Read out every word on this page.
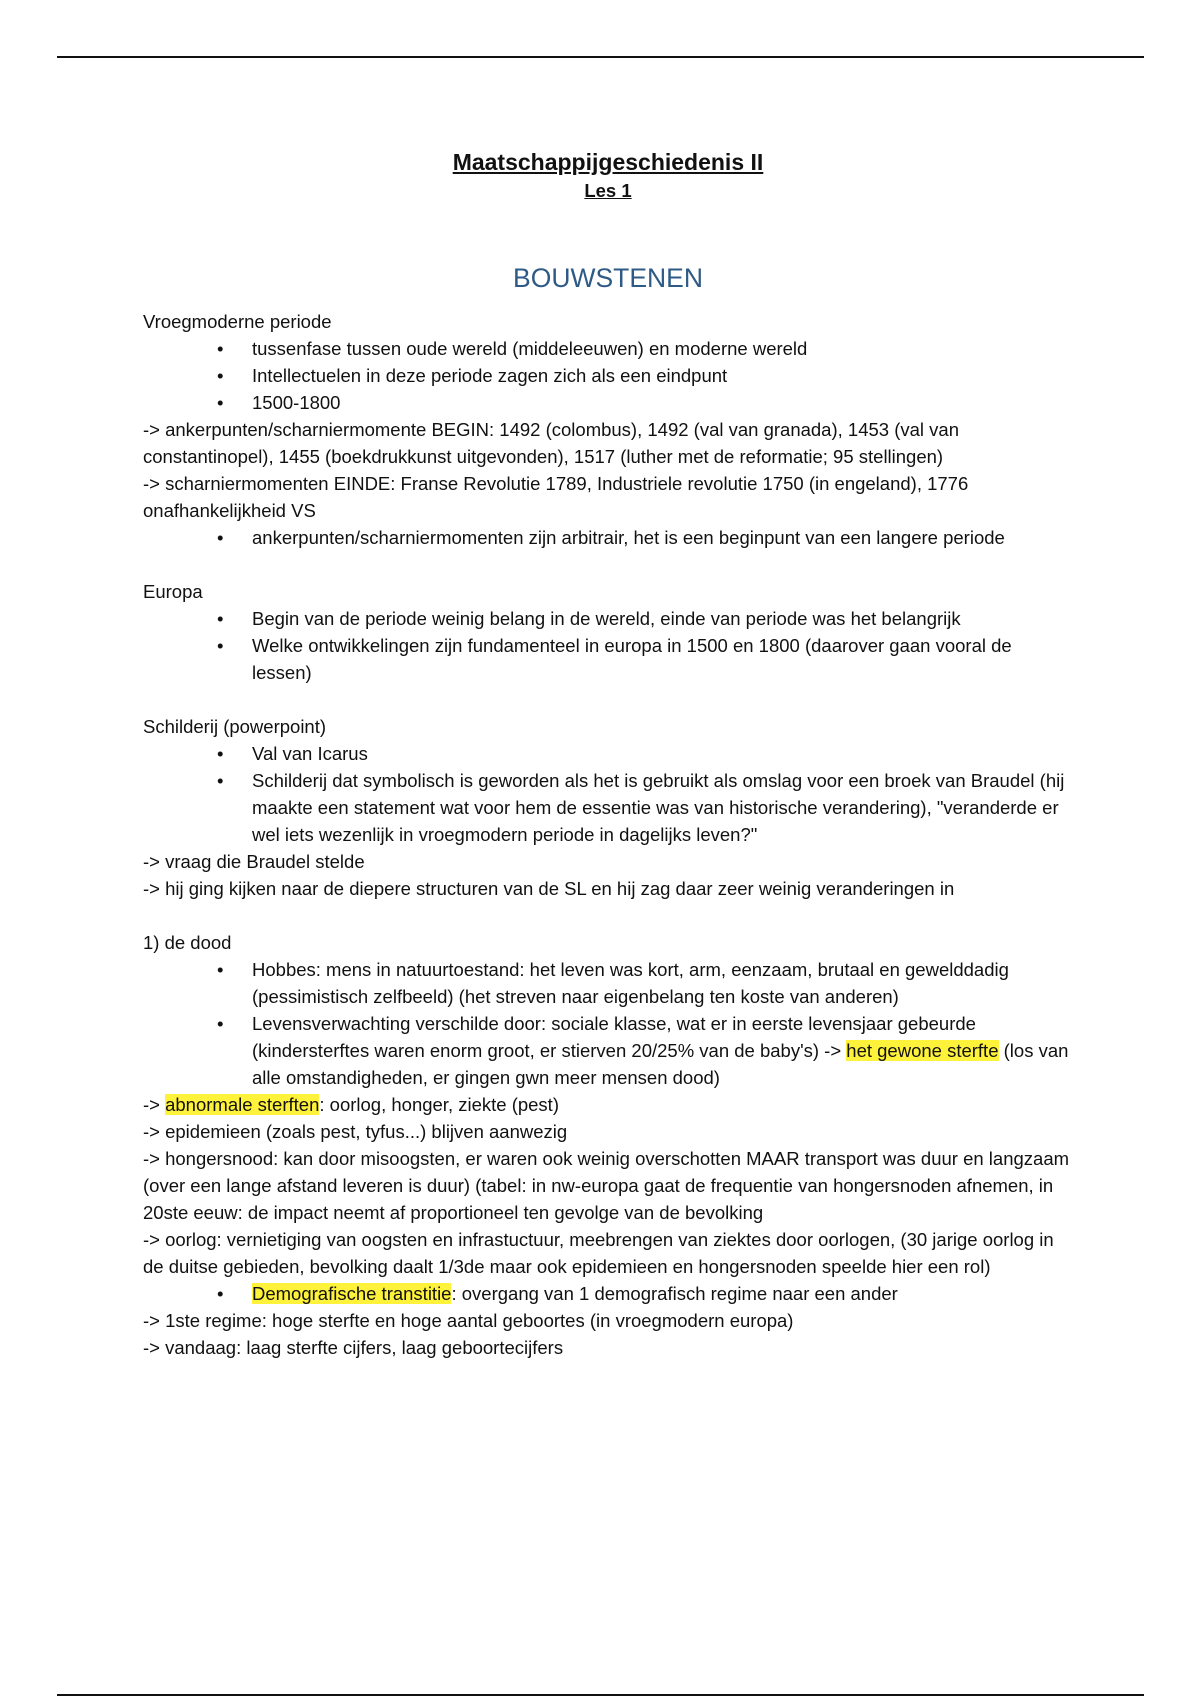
Maatschappijgeschiedenis II

Les 1

BOUWSTENEN

Vroegmoderne periode

• tussenfase tussen oude wereld (middeleeuwen) en moderne wereld
• Intellectuelen in deze periode zagen zich als een eindpunt
• 1500-1800

-> ankerpunten/scharniermomente BEGIN: 1492 (colombus), 1492 (val van granada), 1453 (val van constantinopel), 1455 (boekdrukkunst uitgevonden), 1517 (luther met de reformatie; 95 stellingen)

-> scharniermomenten EINDE: Franse Revolutie 1789, Industriele revolutie 1750 (in engeland), 1776 onafhankelijkheid VS

• ankerpunten/scharniermomenten zijn arbitrair, het is een beginpunt van een langere periode

Europa

• Begin van de periode weinig belang in de wereld, einde van periode was het belangrijk
• Welke ontwikkelingen zijn fundamenteel in europa in 1500 en 1800 (daarover gaan vooral de lessen)

Schilderij (powerpoint)

• Val van Icarus
• Schilderij dat symbolisch is geworden als het is gebruikt als omslag voor een broek van Braudel (hij maakte een statement wat voor hem de essentie was van historische verandering), "veranderde er wel iets wezenlijk in vroegmodern periode in dagelijks leven?"

-> vraag die Braudel stelde

-> hij ging kijken naar de diepere structuren van de SL en hij zag daar zeer weinig veranderingen in

1) de dood

• Hobbes: mens in natuurtoestand: het leven was kort, arm, eenzaam, brutaal en gewelddadig (pessimistisch zelfbeeld) (het streven naar eigenbelang ten koste van anderen)
• Levensverwachting verschilde door: sociale klasse, wat er in eerste levensjaar gebeurde (kindersterftes waren enorm groot, er stierven 20/25% van de baby's) -> het gewone sterfte (los van alle omstandigheden, er gingen gwn meer mensen dood)

-> abnormale sterften: oorlog, honger, ziekte (pest)

-> epidemieen (zoals pest, tyfus...) blijven aanwezig

-> hongersnood: kan door misoogsten, er waren ook weinig overschotten MAAR transport was duur en langzaam (over een lange afstand leveren is duur) (tabel: in nw-europa gaat de frequentie van hongersnoden afnemen, in 20ste eeuw: de impact neemt af proportioneel ten gevolge van de bevolking

-> oorlog: vernietiging van oogsten en infrastuctuur, meebrengen van ziektes door oorlogen, (30 jarige oorlog in de duitse gebieden, bevolking daalt 1/3de maar ook epidemieen en hongersnoden speelde hier een rol)

• Demografische transtitie: overgang van 1 demografisch regime naar een ander

-> 1ste regime: hoge sterfte en hoge aantal geboortes (in vroegmodern europa)

-> vandaag: laag sterfte cijfers, laag geboortecijfers
